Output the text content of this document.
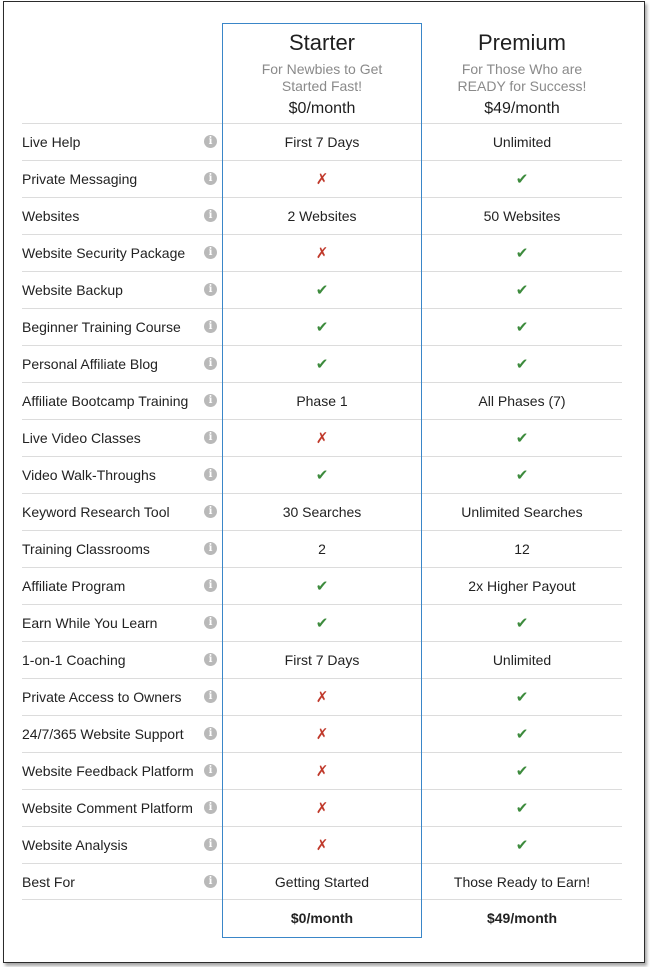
Starter
For Newbies to Get Started Fast!
$0/month
Premium
For Those Who are READY for Success!
$49/month
Live Help	i	First 7 Days	Unlimited
Private Messaging	i	✗	✔
Websites	i	2 Websites	50 Websites
Website Security Package	i	✗	✔
Website Backup	i	✔	✔
Beginner Training Course	i	✔	✔
Personal Affiliate Blog	i	✔	✔
Affiliate Bootcamp Training	i	Phase 1	All Phases (7)
Live Video Classes	i	✗	✔
Video Walk-Throughs	i	✔	✔
Keyword Research Tool	i	30 Searches	Unlimited Searches
Training Classrooms	i	2	12
Affiliate Program	i	✔	2x Higher Payout
Earn While You Learn	i	✔	✔
1-on-1 Coaching	i	First 7 Days	Unlimited
Private Access to Owners	i	✗	✔
24/7/365 Website Support	i	✗	✔
Website Feedback Platform	i	✗	✔
Website Comment Platform	i	✗	✔
Website Analysis	i	✗	✔
Best For	i	Getting Started	Those Ready to Earn!
$0/month	$49/month
